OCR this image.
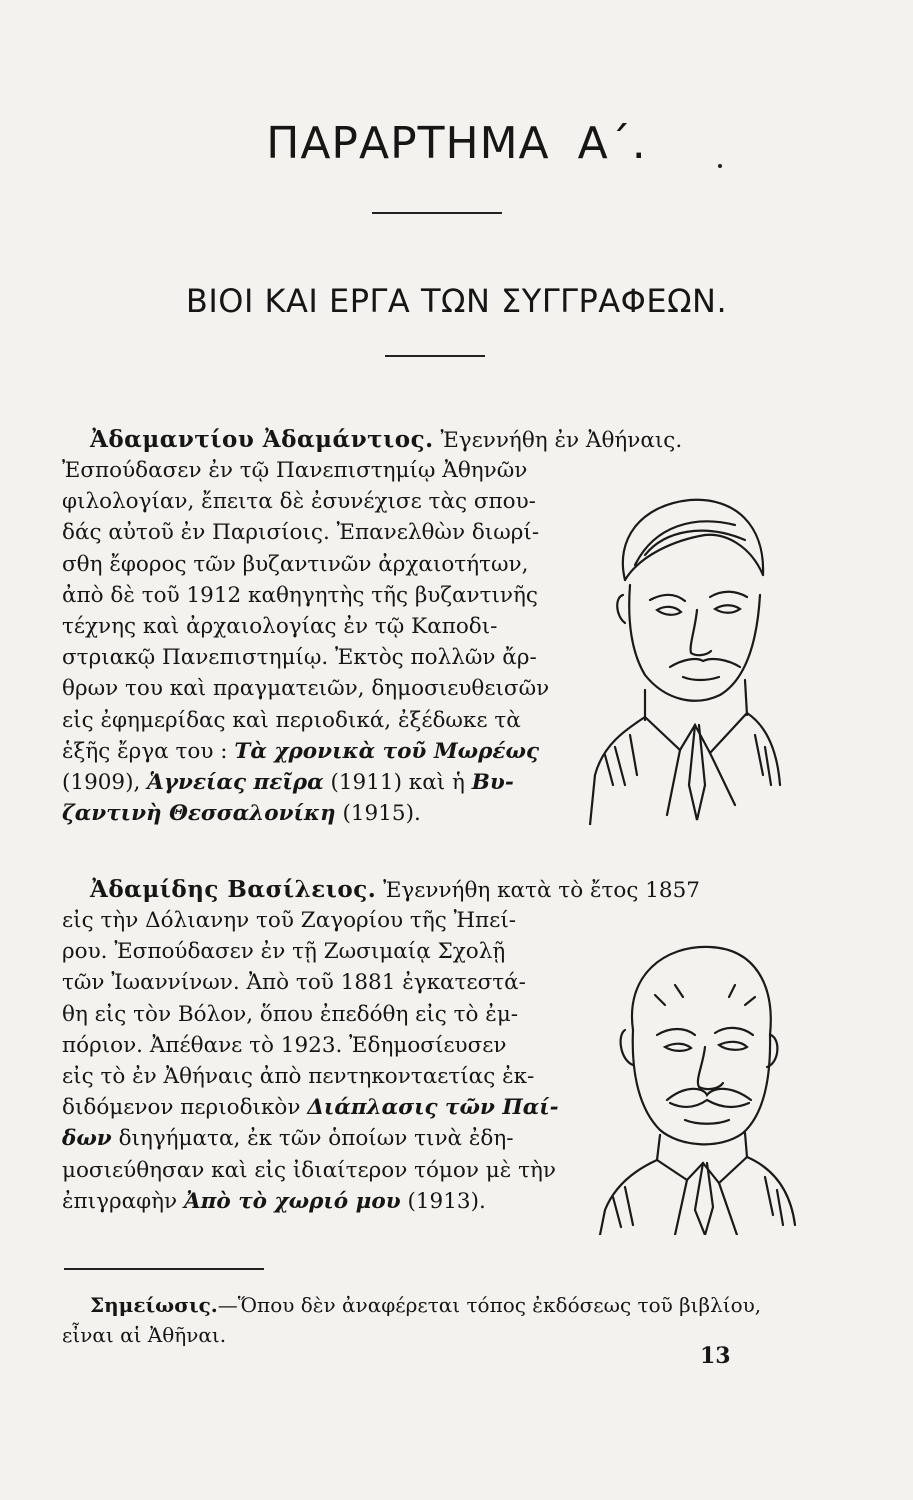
ΠΑΡΑΡΤΗΜΑ Α΄.
ΒΙΟΙ ΚΑΙ ΕΡΓΑ ΤΩΝ ΣΥΓΓΡΑΦΕΩΝ.

Ἀδαμαντίου Ἀδαμάντιος. Ἐγεννήθη ἐν Ἀθήναις.

Ἐσπούδασεν ἐν τῷ Πανεπιστημίῳ Ἀθηνῶν

φιλολογίαν, ἔπειτα δὲ ἐσυνέχισε τὰς σπου-

δάς αὐτοῦ ἐν Παρισίοις. Ἐπανελθὼν διωρί-

σθη ἔφορος τῶν βυζαντινῶν ἀρχαιοτήτων,

ἀπὸ δὲ τοῦ 1912 καθηγητὴς τῆς βυζαντινῆς

τέχνης καὶ ἀρχαιολογίας ἐν τῷ Καποδι-

στριακῷ Πανεπιστημίῳ. Ἐκτὸς πολλῶν ἄρ-

θρων του καὶ πραγματειῶν, δημοσιευθεισῶν

εἰς ἐφημερίδας καὶ περιοδικά, ἐξέδωκε τὰ

ἑξῆς ἔργα του : Τὰ χρονικὰ τοῦ Μωρέως

(1909), Ἁγνείας πεῖρα (1911) καὶ ἡ Βυ-

ζαντινὴ Θεσσαλονίκη (1915).

Ἀδαμίδης Βασίλειος. Ἐγεννήθη κατὰ τὸ ἔτος 1857

εἰς τὴν Δόλιανην τοῦ Ζαγορίου τῆς Ἠπεί-

ρου. Ἐσπούδασεν ἐν τῇ Ζωσιμαίᾳ Σχολῇ

τῶν Ἰωαννίνων. Ἀπὸ τοῦ 1881 ἐγκατεστά-

θη εἰς τὸν Βόλον, ὅπου ἐπεδόθη εἰς τὸ ἐμ-

πόριον. Ἀπέθανε τὸ 1923. Ἐδημοσίευσεν

εἰς τὸ ἐν Ἀθήναις ἀπὸ πεντηκονταετίας ἐκ-

διδόμενον περιοδικὸν Διάπλασις τῶν Παί-

δων διηγήματα, ἐκ τῶν ὁποίων τινὰ ἐδη-

μοσιεύθησαν καὶ εἰς ἰδιαίτερον τόμον μὲ τὴν

ἐπιγραφὴν Ἀπὸ τὸ χωριό μου (1913).

Σημείωσις.—Ὅπου δὲν ἀναφέρεται τόπος ἐκδόσεως τοῦ βιβλίου,

εἶναι αἱ Ἀθῆναι.

13
